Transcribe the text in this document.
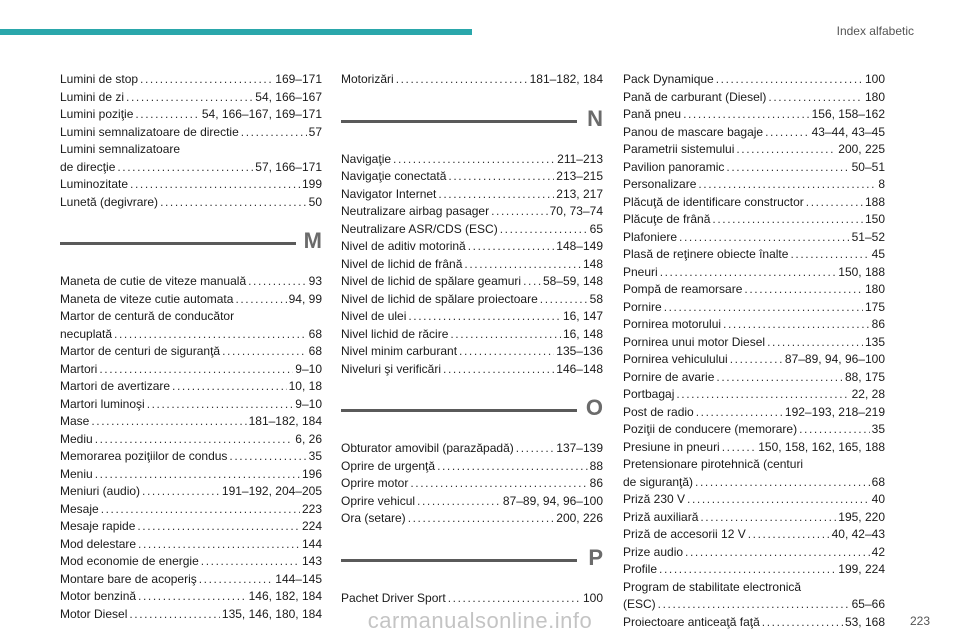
Index alfabetic
Lumini de stop .....	169–171
Lumini de zi .....	54, 166–167
Lumini poziţie .....	54, 166–167, 169–171
Lumini semnalizatoare de directie .....	57
Lumini semnalizatoare
de direcţie .....	57, 166–171
Luminozitate .....	199
Lunetă (degivrare) .....	50
M
Maneta de cutie de viteze manuală .....	93
Maneta de viteze cutie automata .....	94, 99
Martor de centură de conducător
necuplată .....	68
Martor de centuri de siguranţă .....	68
Martori .....	9–10
Martori de avertizare .....	10, 18
Martori luminoşi .....	9–10
Mase .....	181–182, 184
Mediu .....	6, 26
Memorarea poziţiilor de condus .....	35
Meniu .....	196
Meniuri (audio) .....	191–192, 204–205
Mesaje .....	223
Mesaje rapide .....	224
Mod delestare .....	144
Mod economie de energie .....	143
Montare bare de acoperiş .....	144–145
Motor benzină .....	146, 182, 184
Motor Diesel .....	135, 146, 180, 184
Motorizări .....	181–182, 184
N
Navigaţie .....	211–213
Navigaţie conectată .....	213–215
Navigator Internet .....	213, 217
Neutralizare airbag pasager .....	70, 73–74
Neutralizare ASR/CDS (ESC) .....	65
Nivel de aditiv motorină .....	148–149
Nivel de lichid de frână .....	148
Nivel de lichid de spălare geamuri ..... 58–59, 148
Nivel de lichid de spălare proiectoare .....	58
Nivel de ulei .....	16, 147
Nivel lichid de răcire .....	16, 148
Nivel minim carburant .....	135–136
Niveluri şi verificări .....	146–148
O
Obturator amovibil (parazăpadă) .....	137–139
Oprire de urgenţă .....	88
Oprire motor .....	86
Oprire vehicul .....	87–89, 94, 96–100
Ora (setare) .....	200, 226
P
Pachet Driver Sport .....	100
Pack Dynamique .....	100
Pană de carburant (Diesel) .....	180
Pană pneu .....	156, 158–162
Panou de mascare bagaje .....	43–44, 43–45
Parametrii sistemului .....	200, 225
Pavilion panoramic .....	50–51
Personalizare .....	8
Plăcuţă de identificare constructor .....	188
Plăcuţe de frână .....	150
Plafoniere .....	51–52
Plasă de reţinere obiecte înalte .....	45
Pneuri .....	150, 188
Pompă de reamorsare .....	180
Pornire .....	175
Pornirea motorului .....	86
Pornirea unui motor Diesel .....	135
Pornirea vehiculului .....	87–89, 94, 96–100
Pornire de avarie .....	88, 175
Portbagaj .....	22, 28
Post de radio .....	192–193, 218–219
Poziţii de conducere (memorare) .....	35
Presiune in pneuri .....	150, 158, 162, 165, 188
Pretensionare pirotehnică (centuri
de siguranţă) .....	68
Priză 230 V .....	40
Priză auxiliară .....	195, 220
Priză de accesorii 12 V .....	40, 42–43
Prize audio .....	42
Profile .....	199, 224
Program de stabilitate electronică
(ESC) .....	65–66
Proiectoare anticeaţă faţă .....	53, 168
carmanualsonline.info	223
